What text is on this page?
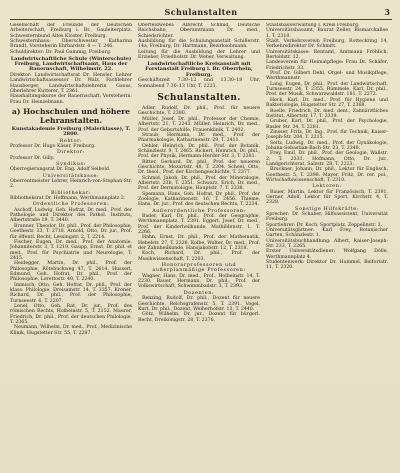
Schulanstalten	3

Gesellschaft der Freunde der Deutschen Arbeiterschaft, Freiburg i. Br., Gauleiterplatz. Schwesternbund Altes Kloster, Freiburg.

Schwesternhaus: Oberschwester Katharina Brandt, Vorsteherin Ehrhardstr. 4 — T. 246.

Schuldirektor: Dr. Paul Gammig, Freiburg.

Landwirtschaftliche Schule (Winterschule) Freiburg, Landwirtschaftsamt, Haus der Bauernschaft, Wilhelmstr. 22.

Direktor: Landwirtschaftsrat Dr. Hensler, Lehrer Landwirtschaftsassessor Dr. Walz, Fachlehrer Hausberger, Landwirtschaftslehrerin Gauss, Oberlehrer Kutterer, T. 2361.

Haushaltungskurse der Bauernschaft, Vorsteherin: Frau Dr. Heinzelmann.

a) Hochschulen und höhere Lehranstalten.

Kunstakademie Freiburg (Malerklasse), T. 2800.

Rektor:

Professor Dr. Hugo Käser, Freiburg.

Direktor:

Professor Dr. Gilly.

Syndikus:

Oberregierungsrat Dr. Eng. Adolf Seibold.

Universitätskasse:

Oberrentmeister Lehrer, Heinrich-von-Stephan-Str. 2.

Bibliothekar:

Bibliotheksrat Dr. Hoffmann, Werthmannplatz 2.

Ordentliche Professoren:

Aschoff, Ludwig, Geh. Hofrat, Dr. med., Prof. der Pathologie und Direktor des Pathol. Instituts, Albertstraße 19, T. 3440.

Brunner, Theodor, Dr. phil., Prof. der Philosophie, Goethestr. 33, T. 2718. Arnold, Otto, Dr. jur., Prof. für öffentl. Recht, Lessingstr. 2, T. 2214.

Fischer, Eugen, Dr. med., Prof. der Anatomie, Johanniterstr. 3, T. 1219. Gaupp, Ernst, Dr. phil. et med., Prof. für Psychiatrie und Neurologie, T. 2415.

Heidegger, Martin, Dr. phil., Prof. der Philosophie, Rötebuckweg 47, T. 2614. Husserl, Edmund, Geh. Hofrat, Dr. phil., Prof. der Philosophie, Lorettostr. 40, T. 2240.

Immisch, Otto, Geh. Hofrat, Dr. phil., Prof. der klass. Philologie, Dreisamstr. 14, T. 3357. Kroner, Richard, Dr. phil., Prof. der Philosophie, Turnseestr. 6, T. 2207.

Lenel, Otto, Geh. Rat, Dr. jur., Prof. des römischen Rechts, Holbeinstr. 5, T. 2152. Maurer, Friedrich, Dr. phil., Prof. der deutschen Philologie, T. 2365.

Neumann, Wilhelm, Dr. med., Prof., Medizinische Klinik, Hugstetter Str. 55, T. 2287.

Oberfeldwebel: Albrecht Schmid, Deutsche Reichsbahn, Oberamtmann Dr. med., Schiedsrichter.

Ausbildung für die Schulungsanstalt Schillerstr. 14a, Freiburg, Dr. Hartmann, Bezirksobmann.

Leitung für die Ausbildung der Lehrer und Erzieher, Friedhofstr. Dr. Weber, Verwaltung.

Landwirtschaftliche Kreisanstalt mit Forstanstalt Freiburg i. Br. Oberrhein, Freiburg.

Geschäftszeit 7.30–12 und 13.30–18 Uhr, Sonnabend 7.30–13 Uhr, T. 2223.

Schulanstalten.

Adler, Rudolf, Dr. phil., Prof. für neuere Geschichte, T. 2380.

Müller, Josef, Dr. phil., Professor der Chemie, Albertstr. 21, T. 2243. Müller, Heinrich, Dr. med., Prof. der Geburtshilfe, Frauenklinik, T. 2402.

Straub, Hermann, Dr. med., Prof. der Pharmakologie, Katharinenstr. 29, T. 2411.

Oehler, Heinrich, Dr. phil., Prof. der Botanik, Schänzlestr. 9, T. 2465. Rickert, Heinrich, Dr. phil., Prof. der Physik, Hermann-Herder-Str. 3, T. 2381.

Ritter, Gerhard, Dr. phil., Prof. der neueren Geschichte, Mozartstr. 48, T. 2204. Scheel, Otto, Dr. theol., Prof. der Kirchengeschichte, T. 2377.

Schmid, Jakob, Dr. phil., Prof. der Mineralogie, Albertstr. 23b, T. 2351. Schwarz, Erich, Dr. med., Prof. der Dermatologie, Hauptstr. 7, T. 2338.

Spemann, Hans, Geh. Hofrat, Dr. phil., Prof. der Zoologie, Katharinenstr. 16, T. 2456. Thieme, Hans, Dr. jur., Prof. des deutschen Rechts, T. 2234.

Außerordentliche Professoren:

Bader, Karl, Dr. phil., Prof. der Geographie, Werthmannplatz, T. 2391. Eggert, Josef, Dr. med., Prof. der Kinderheilkunde, Mathildenstr. 1, T. 2266.

Hahn, Ernst, Dr. phil., Prof. der Mathematik, Hebelstr. 27, T. 2228. Kolbe, Walter, Dr. med., Prof. der Zahnheilkunde, Hansjakobstr. 12, T. 2318.

Koch, Richard, Dr. phil., Prof. der Musikwissenschaft, T. 2203.

Honorarprofessoren und außerplanmäßige Professoren:

Wagner, Hans, Dr. med., Prof., Holbeinstr. 14, T. 2230. Bauer, Hermann, Dr. phil., Prof. der Volkswirtschaft, Schwimmbadstr. 3, T. 2393.

Dozenten:

Benzing, Rudolf, Dr. phil., Dozent für neuere Geschichte, Reichsgrafenstr. 5, T. 2391. Vogel, Kurt, Dr. phil., Dozent, Weiherhofstr. 13, T. 2440.

Götz, Wilhelm, Dr. jur., Dozent für bürgerl. Recht, Dreikönigstr. 28, T. 2376.

Staatsbauverwaltung I. Kreis Freiburg.

Universitätsbauamt, Baurat Zeller, Bismarckallee 1, T. 2310.

Städt. Verkehrsverein Freiburg, Rotteckring 14, Verkehrsdirektor Dr. Schmitt.

Universitätskasse: Rentamt, Amtmann Fröhlich, Bertoldstr. 12.

Landesverein für Heimatpflege: Frau Dr. Schäfer, Friedrichstr. 33.

Prof. Dr. Gilbert Dehl, Orgel- und Musikpflege, Werthmannstr.

Lang, Eugen, Dr. phil., Prof. der Landwirtschaft, Turnseestr. 24, T. 2355. Rümmele, Karl, Dr. phil., Prof. der Musik, Schwarzwaldstr. 181, T. 2272.

Heck, Karl, Dr. med., Prof. für Hygiene und Bakteriologie, Hugstetter Str. 27, T. 2368.

Roelle, Friedrich, Dr. med. dent., Zahnärztliches Institut, Albertstr. 17, T. 2339.

Gruber, Karl, Dr. phil., Prof. der Psychologie, Basler Str. 34, T. 2281.

Zinsser, Fritz, Dr. Ing., Prof. für Technik, Kaiser-Joseph-Str. 204, T. 2215.

Seitz, Ludwig, Dr. med., Prof. der Gynäkologie, Johann-Sebastian-Bach-Str. 23, T. 2349.

Frey, Emil, Dr. phil., Prof. der Geologie, Wallstr. 2, T. 2331. Hofmann, Otto, Dr. jur., Landgerichtsrat, Salzstr. 28, T. 2223.

Bruckner, Johann, Dr. phil., Lektor für Englisch, Goethestr. 5, T. 2398. Mayer, Fritz, Dr. rer. pol., Wirtschaftswissenschaft, T. 2310.

Lektoren:

Bauer, Martin, Lektor für Französisch, T. 2391. Gerner, Adolf, Lektor für Sport, Kirchstr. 4, T. 2328.

Sonstige Hilfskräfte:

Sprecher: Dr. Schaber, Hilfsassistent, Universität Freiburg.

Sportlehrer: Dr. Koch, Sportplatz, Zeppelinstr. 3.

Universitätsgärtner: Karl Frey, Botanischer Garten, Schänzlestr. 1.

Universitätsbuchhandlung: Albert, Kaiser-Joseph-Str. 233, T. 2265.

Erster Universitätsdiener: Wolfgang Dölle, Werthmannplatz 4.

Studentenwerk: Direktor Dr. Hummel, Belfortstr. 11, T. 2320.
